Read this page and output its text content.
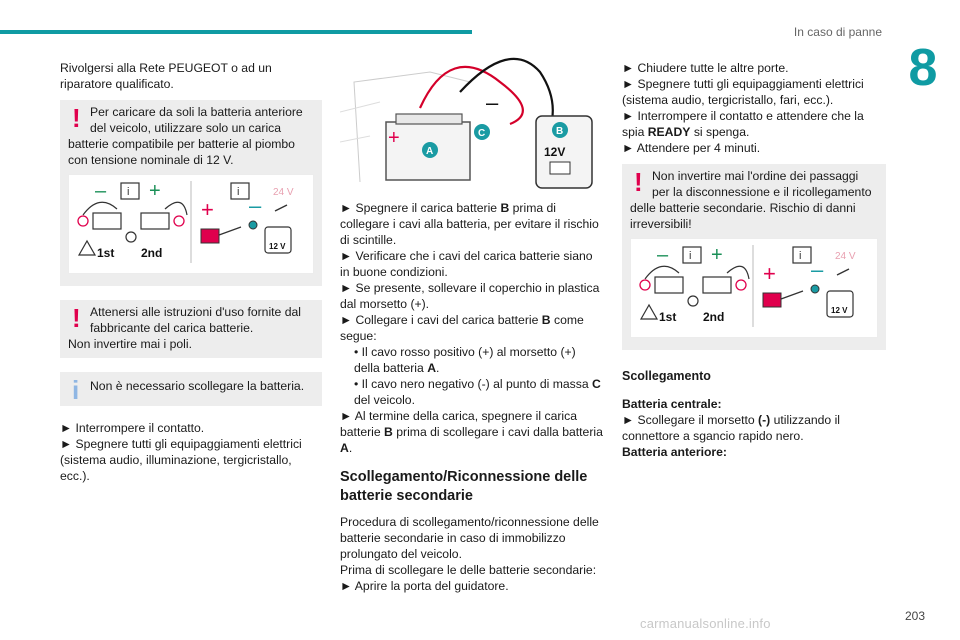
In caso di panne
8

Rivolgersi alla Rete PEUGEOT o ad un riparatore qualificato.

! Per caricare da soli la batteria anteriore del veicolo, utilizzare solo un carica

batterie compatibile per batterie al piombo con tensione nominale di 12 V.

– +
i
1st 2nd
i	24 V
+ –
12 V
! Attenersi alle istruzioni d'uso fornite dal fabbricante del carica batterie.

Non invertire mai i poli.

i Non è necessario scollegare la batteria.

► Interrompere il contatto.

► Spegnere tutti gli equipaggiamenti elettrici (sistema audio, illuminazione, tergicristallo, ecc.).

+
–
A
C	B
12V

► Spegnere il carica batterie B prima di collegare i cavi alla batteria, per evitare il rischio di scintille.

► Verificare che i cavi del carica batterie siano in buone condizioni.

► Se presente, sollevare il coperchio in plastica dal morsetto (+).

► Collegare i cavi del carica batterie B come segue:

• Il cavo rosso positivo (+) al morsetto (+) della batteria A.

• Il cavo nero negativo (-) al punto di massa C del veicolo.

► Al termine della carica, spegnere il carica batterie B prima di scollegare i cavi dalla batteria A.

Scollegamento/Riconnessione delle batterie secondarie

Procedura di scollegamento/riconnessione delle batterie secondarie in caso di immobilizzo prolungato del veicolo.

Prima di scollegare le delle batterie secondarie:

► Aprire la porta del guidatore.

► Chiudere tutte le altre porte.

► Spegnere tutti gli equipaggiamenti elettrici (sistema audio, tergicristallo, fari, ecc.).

► Interrompere il contatto e attendere che la spia READY si spenga.

► Attendere per 4 minuti.

! Non invertire mai l'ordine dei passaggi per la disconnessione e il ricollegamento

delle batterie secondarie. Rischio di danni irreversibili!

– +
i
1st 2nd
i	24 V
+ –
12 V
Scollegamento

Batteria centrale:

► Scollegare il morsetto (-) utilizzando il connettore a sgancio rapido nero.

Batteria anteriore:

carmanualsonline.info	203
